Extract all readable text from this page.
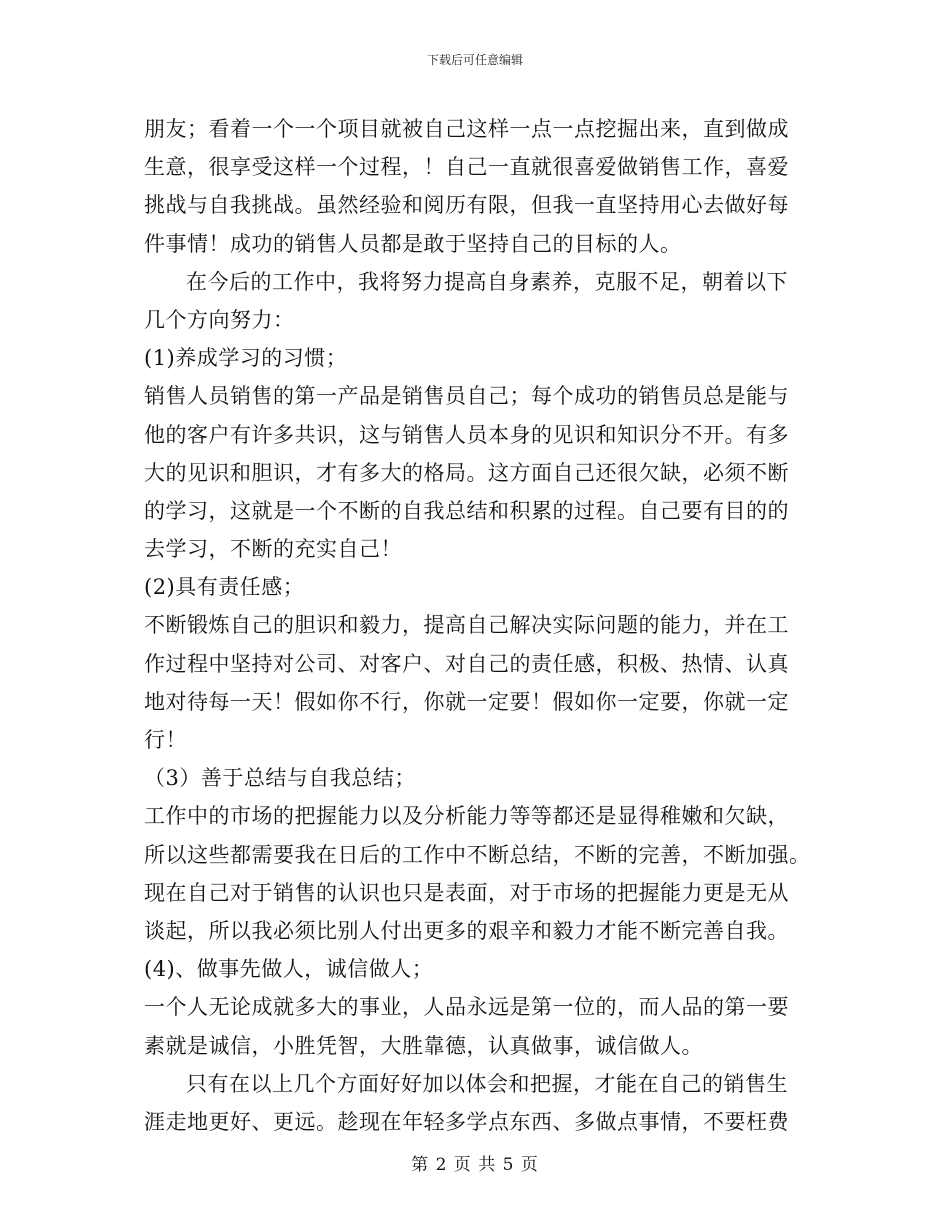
下载后可任意编辑
朋友；看着一个一个项目就被自己这样一点一点挖掘出来，直到做成
生意，很享受这样一个过程，！自己一直就很喜爱做销售工作，喜爱
挑战与自我挑战。虽然经验和阅历有限，但我一直坚持用心去做好每
件事情！成功的销售人员都是敢于坚持自己的目标的人。
在今后的工作中，我将努力提高自身素养，克服不足，朝着以下
几个方向努力：
(1)养成学习的习惯；
销售人员销售的第一产品是销售员自己；每个成功的销售员总是能与
他的客户有许多共识，这与销售人员本身的见识和知识分不开。有多
大的见识和胆识，才有多大的格局。这方面自己还很欠缺，必须不断
的学习，这就是一个不断的自我总结和积累的过程。自己要有目的的
去学习，不断的充实自己！
(2)具有责任感；
不断锻炼自己的胆识和毅力，提高自己解决实际问题的能力，并在工
作过程中坚持对公司、对客户、对自己的责任感，积极、热情、认真
地对待每一天！假如你不行，你就一定要！假如你一定要，你就一定
行！
（3）善于总结与自我总结；
工作中的市场的把握能力以及分析能力等等都还是显得稚嫩和欠缺，
所以这些都需要我在日后的工作中不断总结，不断的完善，不断加强。
现在自己对于销售的认识也只是表面，对于市场的把握能力更是无从
谈起，所以我必须比别人付出更多的艰辛和毅力才能不断完善自我。
(4)、做事先做人，诚信做人；
一个人无论成就多大的事业，人品永远是第一位的，而人品的第一要
素就是诚信，小胜凭智，大胜靠德，认真做事，诚信做人。
只有在以上几个方面好好加以体会和把握，才能在自己的销售生
涯走地更好、更远。趁现在年轻多学点东西、多做点事情，不要枉费
第 2 页 共 5 页
